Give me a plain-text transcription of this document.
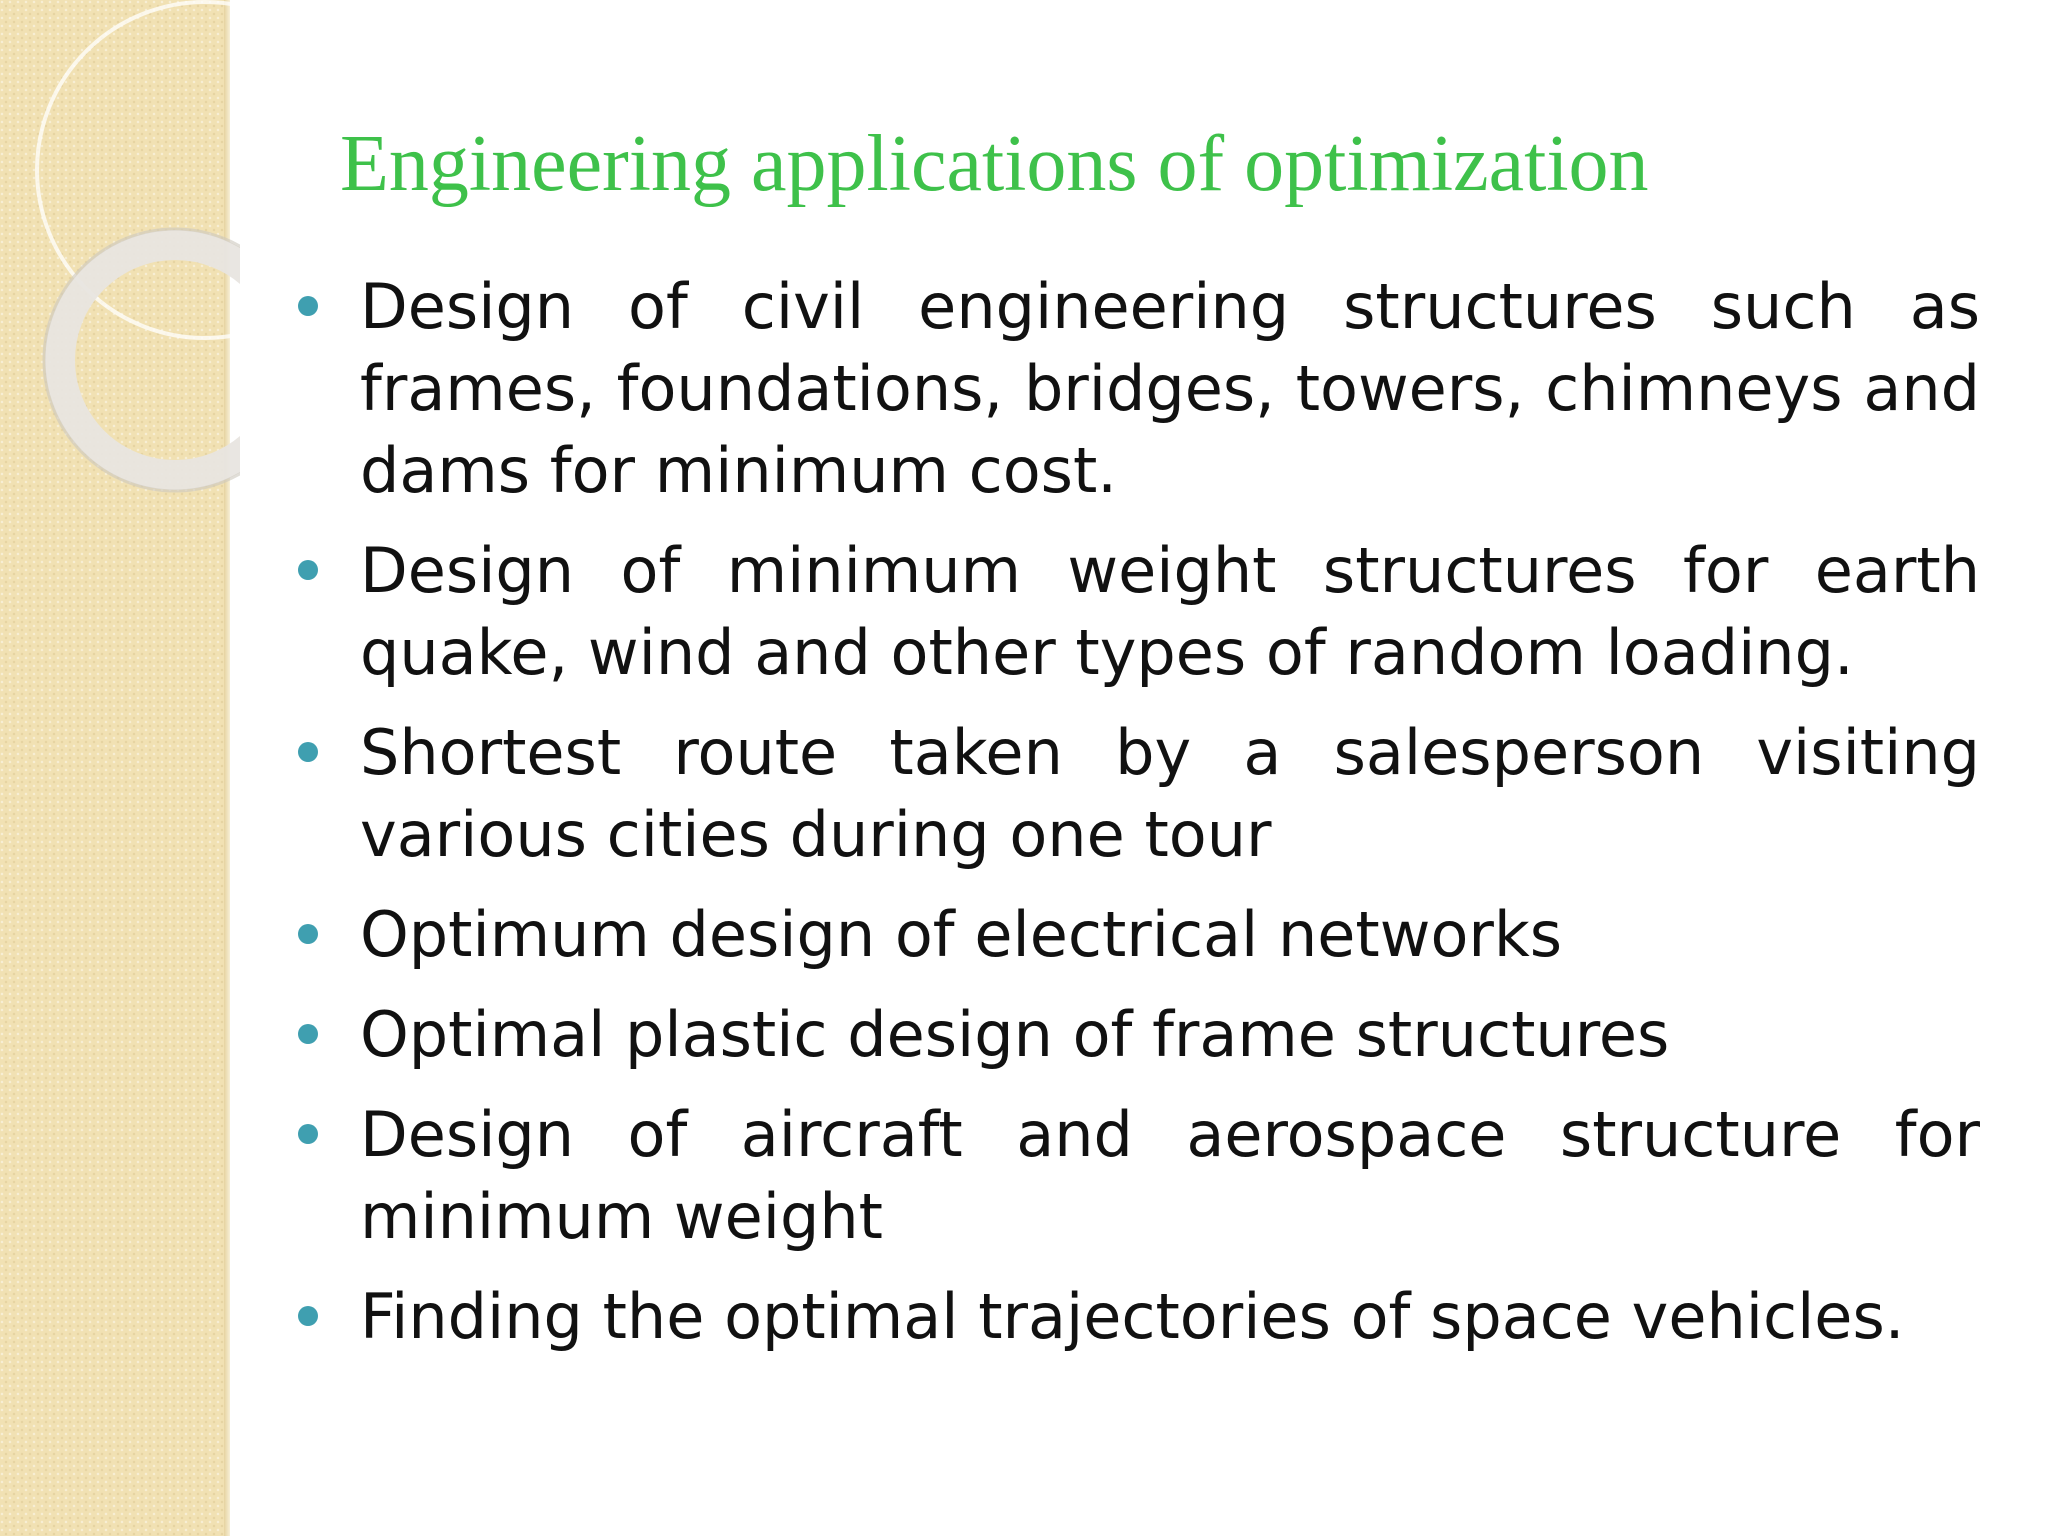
Engineering applications of optimization
Design of civil engineering structures such as frames, foundations, bridges, towers, chimneys and dams for minimum cost.
Design of minimum weight structures for earth quake, wind and other types of random loading.
Shortest route taken by a salesperson visiting various cities during one tour
Optimum design of electrical networks
Optimal plastic design of frame structures
Design of aircraft and aerospace structure for minimum weight
Finding the optimal trajectories of space vehicles.
